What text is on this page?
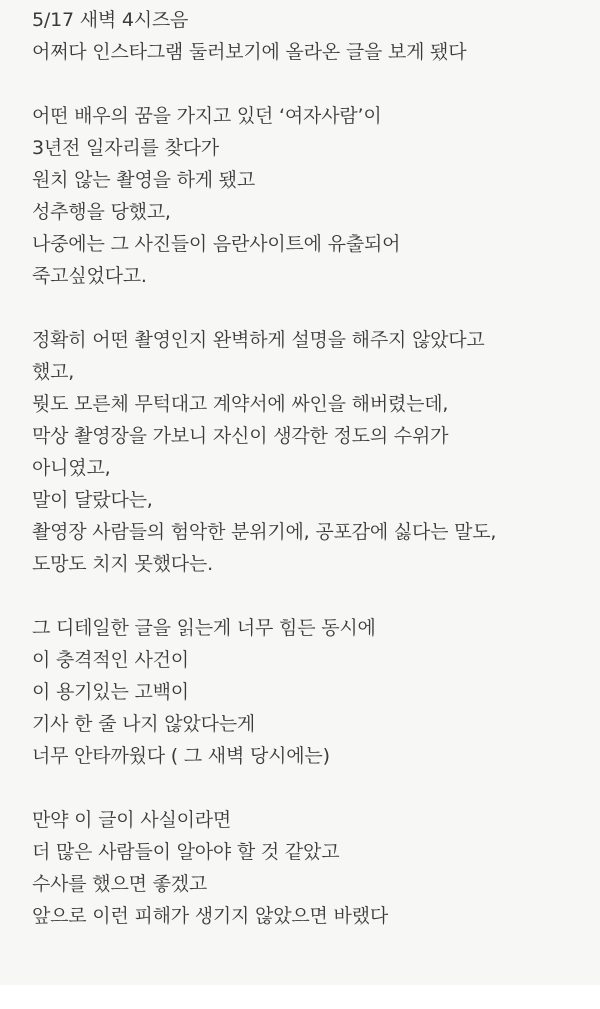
5/17 새벽 4시즈음
어쩌다 인스타그램 둘러보기에 올라온 글을 보게 됐다
어떤 배우의 꿈을 가지고 있던 ‘여자사람’이
3년전 일자리를 찾다가
원치 않는 촬영을 하게 됐고
성추행을 당했고,
나중에는 그 사진들이 음란사이트에 유출되어
죽고싶었다고.
정확히 어떤 촬영인지 완벽하게 설명을 해주지 않았다고
했고,
뭣도 모른체 무턱대고 계약서에 싸인을 해버렸는데,
막상 촬영장을 가보니 자신이 생각한 정도의 수위가
아니였고,
말이 달랐다는,
촬영장 사람들의 험악한 분위기에, 공포감에 싫다는 말도,
도망도 치지 못했다는.
그 디테일한 글을 읽는게 너무 힘든 동시에
이 충격적인 사건이
이 용기있는 고백이
기사 한 줄 나지 않았다는게
너무 안타까웠다 ( 그 새벽 당시에는)
만약 이 글이 사실이라면
더 많은 사람들이 알아야 할 것 같았고
수사를 했으면 좋겠고
앞으로 이런 피해가 생기지 않았으면 바랬다
